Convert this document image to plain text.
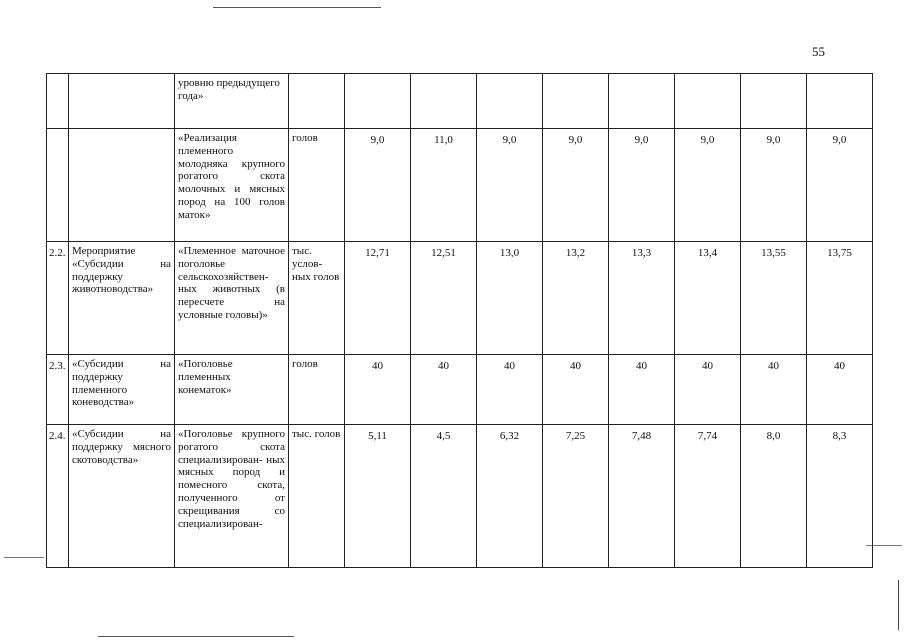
55
		уровню предыдущего года»									
		«Реализация племенного молодняка крупного рогатого скота молочных и мясных пород на 100 голов маток»	голов	9,0	11,0	9,0	9,0	9,0	9,0	9,0	9,0
2.2.	Мероприятие «Субсидии на поддержку животноводства»	«Племенное маточное поголовье сельскохозяйствен- ных животных (в пересчете на условные головы)»	тыс. услов- ных голов	12,71	12,51	13,0	13,2	13,3	13,4	13,55	13,75
2.3.	«Субсидии на поддержку племенного коневодства»	«Поголовье племенных конематок»	голов	40	40	40	40	40	40	40	40
2.4.	«Субсидии на поддержку мясного скотоводства»	«Поголовье крупного рогатого скота специализирован- ных мясных пород и помесного скота, полученного от скрещивания со специализирован-	тыс. голов	5,11	4,5	6,32	7,25	7,48	7,74	8,0	8,3
